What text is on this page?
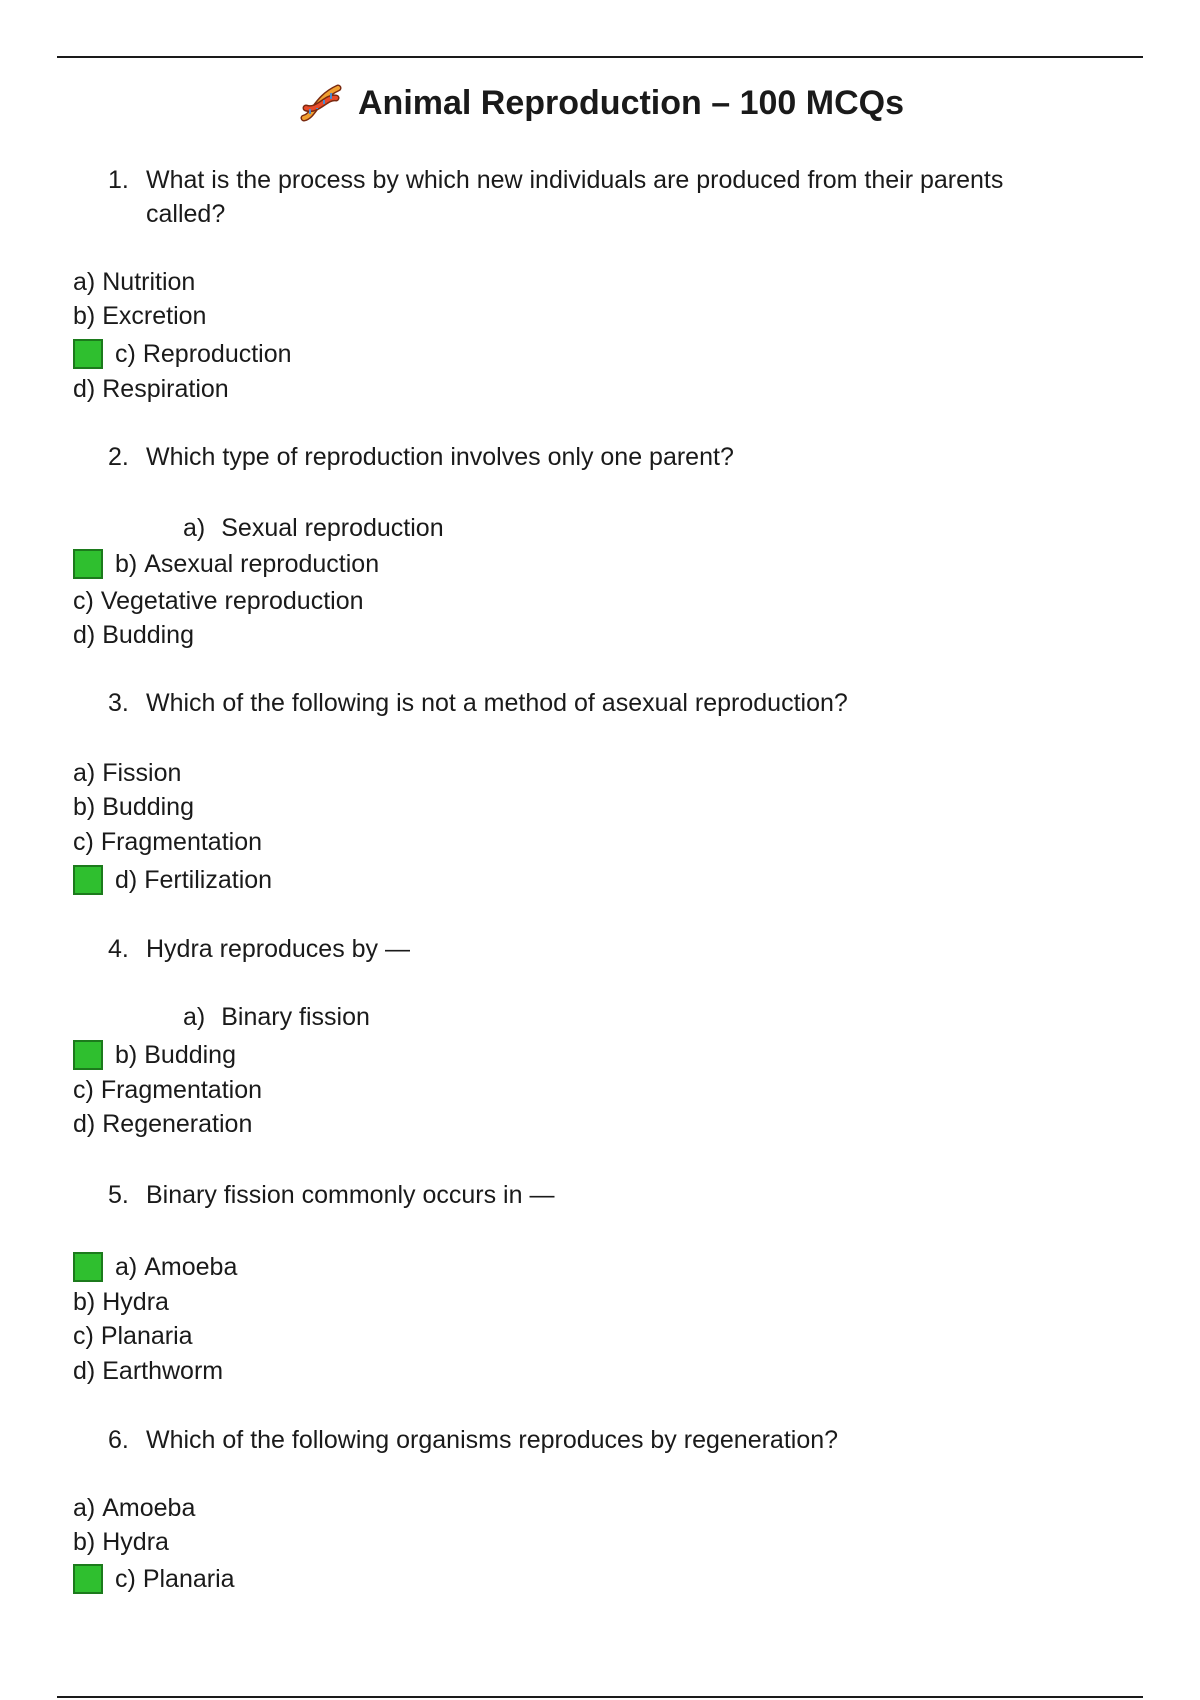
Animal Reproduction – 100 MCQs
1. What is the process by which new individuals are produced from their parents called?
a) Nutrition
b) Excretion
c) Reproduction
d) Respiration
2. Which type of reproduction involves only one parent?
a) Sexual reproduction
b) Asexual reproduction
c) Vegetative reproduction
d) Budding
3. Which of the following is not a method of asexual reproduction?
a) Fission
b) Budding
c) Fragmentation
d) Fertilization
4. Hydra reproduces by —
a) Binary fission
b) Budding
c) Fragmentation
d) Regeneration
5. Binary fission commonly occurs in —
a) Amoeba
b) Hydra
c) Planaria
d) Earthworm
6. Which of the following organisms reproduces by regeneration?
a) Amoeba
b) Hydra
c) Planaria
